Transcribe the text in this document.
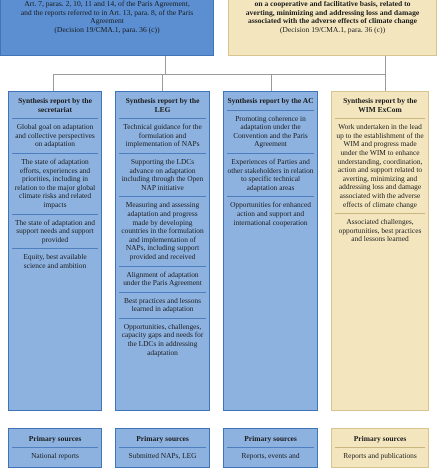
Art. 7, paras. 2, 10, 11 and 14, of the Paris Agreement,
and the reports referred to in Art. 13, para. 8, of the Paris
Agreement
(Decision 19/CMA.1, para. 36 (c))
on a cooperative and facilitative basis, related to
averting, minimizing and addressing loss and damage
associated with the adverse effects of climate change
(Decision 19/CMA.1, para. 36 (c))
Synthesis report by the secretariat
Global goal on adaptation and collective perspectives on adaptation
The state of adaptation efforts, experiences and priorities, including in relation to the major global climate risks and related impacts
The state of adaptation and support needs and support provided
Equity, best available science and ambition
Synthesis report by the LEG
Technical guidance for the formulation and implementation of NAPs
Supporting the LDCs advance on adaptation including through the Open NAP initiative
Measuring and assessing adaptation and progress made by developing countries in the formulation and implementation of NAPs, including support provided and received
Alignment of adaptation under the Paris Agreement
Best practices and lessons learned in adaptation
Opportunities, challenges, capacity gaps and needs for the LDCs in addressing adaptation
Synthesis report by the AC
Promoting coherence in adaptation under the Convention and the Paris Agreement
Experiences of Parties and other stakeholders in relation to specific technical adaptation areas
Opportunities for enhanced action and support and international cooperation
Synthesis report by the WIM ExCom
Work undertaken in the lead up to the establishment of the WIM and progress made under the WIM to enhance understanding, coordination, action and support related to averting, minimizing and addressing loss and damage associated with the adverse effects of climate change
Associated challenges, opportunities, best practices and lessons learned
Primary sources
National reports
Primary sources
Submitted NAPs, LEG
Primary sources
Reports, events and
Primary sources
Reports and publications
